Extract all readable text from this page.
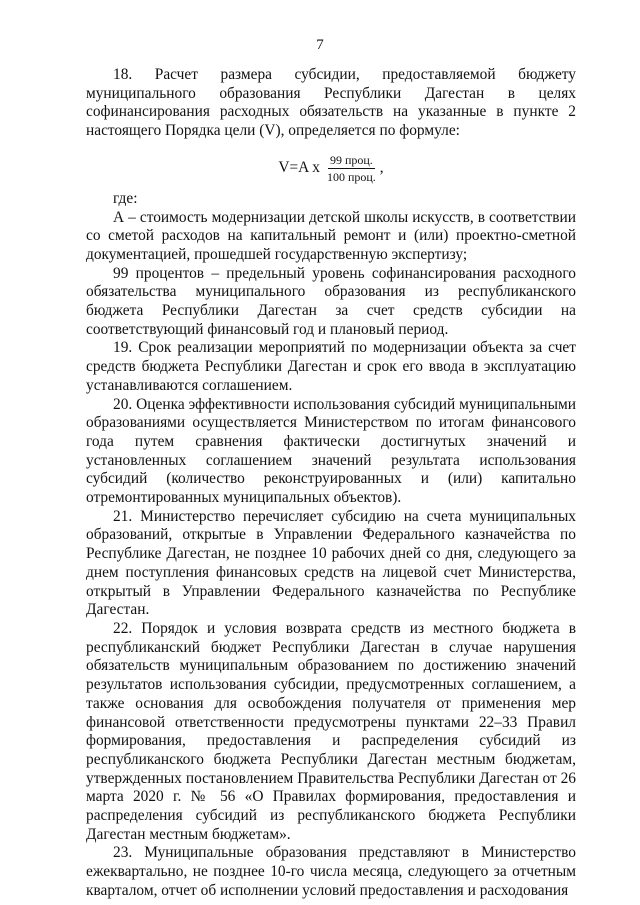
7

18. Расчет размера субсидии, предоставляемой бюджету муниципального образования Республики Дагестан в целях софинансирования расходных обязательств на указанные в пункте 2 настоящего Порядка цели (V), определяется по формуле:

V=A x $\frac{\text{99 проц.}}{\text{100 проц.}}$ ,

где:

А – стоимость модернизации детской школы искусств, в соответствии со сметой расходов на капитальный ремонт и (или) проектно-сметной документацией, прошедшей государственную экспертизу;

99 процентов – предельный уровень софинансирования расходного обязательства муниципального образования из республиканского бюджета Республики Дагестан за счет средств субсидии на соответствующий финансовый год и плановый период.

19. Срок реализации мероприятий по модернизации объекта за счет средств бюджета Республики Дагестан и срок его ввода в эксплуатацию устанавливаются соглашением.

20. Оценка эффективности использования субсидий муниципальными образованиями осуществляется Министерством по итогам финансового года путем сравнения фактически достигнутых значений и установленных соглашением значений результата использования субсидий (количество реконструированных и (или) капитально отремонтированных муниципальных объектов).

21. Министерство перечисляет субсидию на счета муниципальных образований, открытые в Управлении Федерального казначейства по Республике Дагестан, не позднее 10 рабочих дней со дня, следующего за днем поступления финансовых средств на лицевой счет Министерства, открытый в Управлении Федерального казначейства по Республике Дагестан.

22. Порядок и условия возврата средств из местного бюджета в республиканский бюджет Республики Дагестан в случае нарушения обязательств муниципальным образованием по достижению значений результатов использования субсидии, предусмотренных соглашением, а также основания для освобождения получателя от применения мер финансовой ответственности предусмотрены пунктами 22–33 Правил формирования, предоставления и распределения субсидий из республиканского бюджета Республики Дагестан местным бюджетам, утвержденных постановлением Правительства Республики Дагестан от 26 марта 2020 г. № 56 «О Правилах формирования, предоставления и распределения субсидий из республиканского бюджета Республики Дагестан местным бюджетам».

23. Муниципальные образования представляют в Министерство ежеквартально, не позднее 10-го числа месяца, следующего за отчетным кварталом, отчет об исполнении условий предоставления и расходования
